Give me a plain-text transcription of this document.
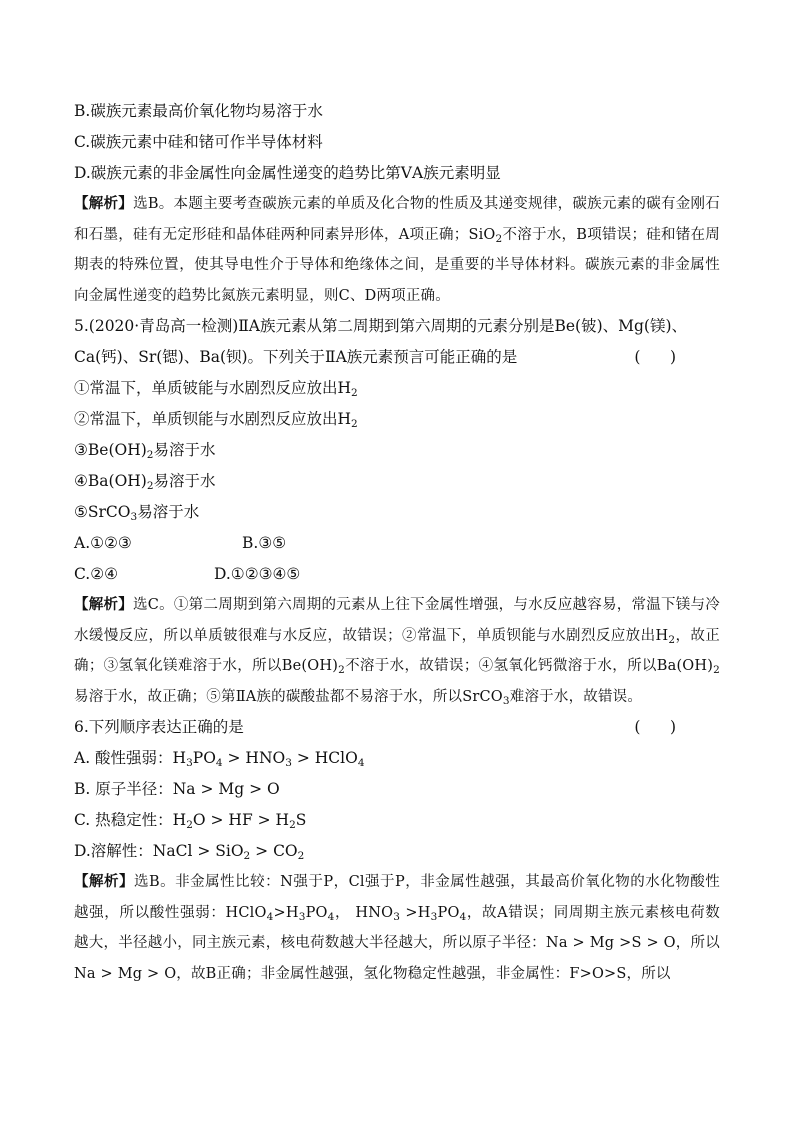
B.碳族元素最高价氧化物均易溶于水
C.碳族元素中硅和锗可作半导体材料
D.碳族元素的非金属性向金属性递变的趋势比第ⅤA族元素明显
【解析】选B。本题主要考查碳族元素的单质及化合物的性质及其递变规律，碳族元素的碳有金刚石和石墨，硅有无定形硅和晶体硅两种同素异形体，A项正确；SiO$_2$不溶于水，B项错误；硅和锗在周期表的特殊位置，使其导电性介于导体和绝缘体之间，是重要的半导体材料。碳族元素的非金属性向金属性递变的趋势比氮族元素明显，则C、D两项正确。
5.(2020·青岛高一检测)ⅡA族元素从第二周期到第六周期的元素分别是Be(铍)、Mg(镁)、
Ca(钙)、Sr(锶)、Ba(钡)。下列关于ⅡA族元素预言可能正确的是	(      )
①常温下，单质铍能与水剧烈反应放出$H_2$
②常温下，单质钡能与水剧烈反应放出$H_2$
$③Be(OH)_2$易溶于水
$④Ba(OH)_2$易溶于水
⑤SrCO$_3$易溶于水
A.①②③	B.③⑤
C.②④	D.①②③④⑤
【解析】选C。①第二周期到第六周期的元素从上往下金属性增强，与水反应越容易，常温下镁与冷水缓慢反应，所以单质铍很难与水反应，故错误；②常温下，单质钡能与水剧烈反应放出$H_2$，故正确；③氢氧化镁难溶于水，所以$Be(OH)_2$不溶于水，故错误；④氢氧化钙微溶于水，所以$Ba(OH)_2$易溶于水，故正确；⑤第ⅡA族的碳酸盐都不易溶于水，所以SrCO$_3$难溶于水，故错误。
6.下列顺序表达正确的是	(      )
A. 酸性强弱：$H_3PO_4 > HNO_3$ > HClO$_4$
B. 原子半径：Na > Mg > O
C. 热稳定性：$H_2O$ > HF > $H_2S$
D.溶解性：NaCl > $SiO_2 > CO_2$
【解析】选B。非金属性比较：N强于P，Cl强于P，非金属性越强，其最高价氧化物的水化物酸性越强，所以酸性强弱：$HClO_4>H_3PO_4$， $HNO_3 >H_3PO_4$，故A错误；同周期主族元素核电荷数越大，半径越小，同主族元素，核电荷数越大半径越大，所以原子半径：Na > Mg >S > O，所以Na > Mg > O，故B正确；非金属性越强，氢化物稳定性越强，非金属性：F>O>S，所以
